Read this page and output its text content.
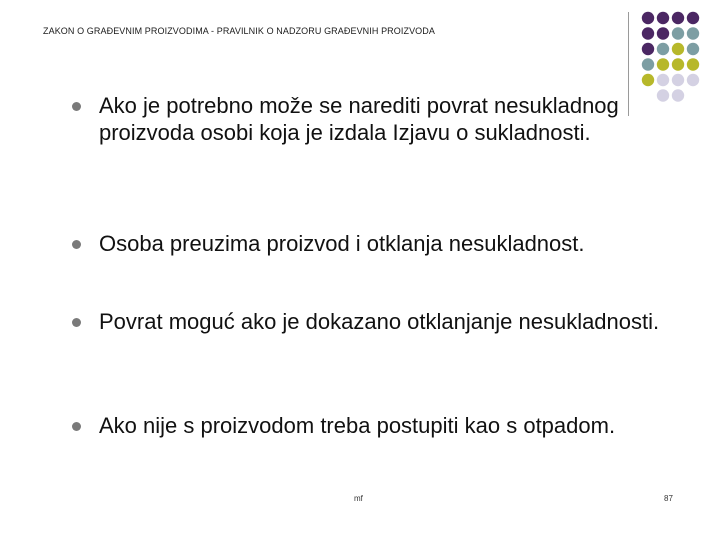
ZAKON O GRAĐEVNIM PROIZVODIMA - PRAVILNIK O NADZORU GRAĐEVNIH PROIZVODA
Ako je potrebno može se narediti povrat nesukladnog proizvoda osobi koja je izdala Izjavu o sukladnosti.
Osoba preuzima proizvod i otklanja nesukladnost.
Povrat moguć ako je dokazano otklanjanje nesukladnosti.
Ako nije s proizvodom treba postupiti kao s otpadom.
mf	87
